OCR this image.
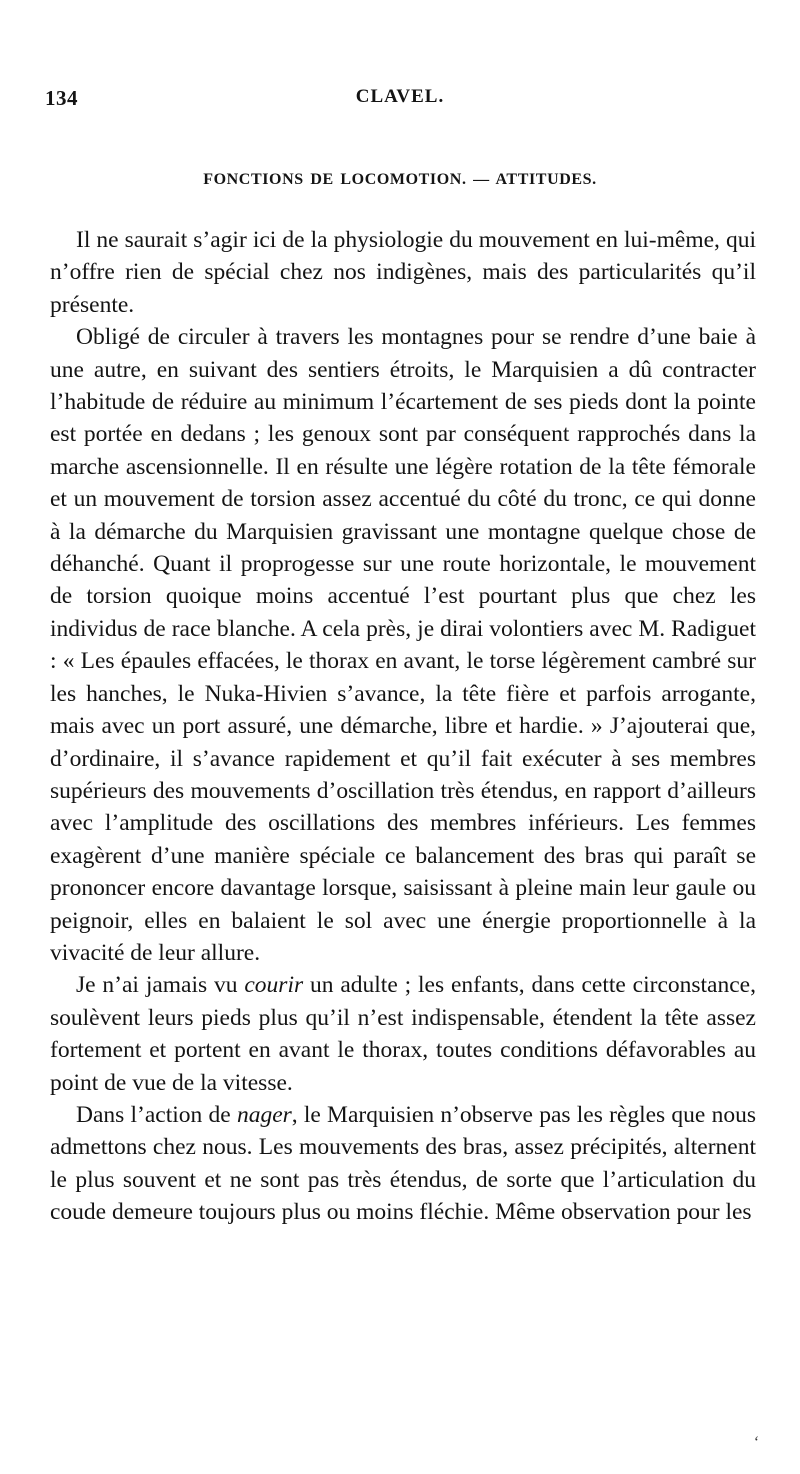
134	CLAVEL.
FONCTIONS DE LOCOMOTION. — ATTITUDES.

Il ne saurait s’agir ici de la physiologie du mouvement en lui-même, qui n’offre rien de spécial chez nos indigènes, mais des particularités qu’il présente.

Obligé de circuler à travers les montagnes pour se rendre d’une baie à une autre, en suivant des sentiers étroits, le Marquisien a dû contracter l’habitude de réduire au minimum l’écartement de ses pieds dont la pointe est portée en dedans ; les genoux sont par conséquent rapprochés dans la marche ascensionnelle. Il en résulte une légère rotation de la tête fémorale et un mouvement de torsion assez accentué du côté du tronc, ce qui donne à la démarche du Marquisien gravissant une montagne quelque chose de déhanché. Quant il proprogesse sur une route horizontale, le mouvement de torsion quoique moins accentué l’est pourtant plus que chez les individus de race blanche. A cela près, je dirai volontiers avec M. Radiguet : « Les épaules effacées, le thorax en avant, le torse légèrement cambré sur les hanches, le Nuka-Hivien s’avance, la tête fière et parfois arrogante, mais avec un port assuré, une démarche, libre et hardie. » J’ajouterai que, d’ordinaire, il s’avance rapidement et qu’il fait exécuter à ses membres supérieurs des mouvements d’oscillation très étendus, en rapport d’ailleurs avec l’amplitude des oscillations des membres inférieurs. Les femmes exagèrent d’une manière spéciale ce balancement des bras qui paraît se prononcer encore davantage lorsque, saisissant à pleine main leur gaule ou peignoir, elles en balaient le sol avec une énergie proportionnelle à la vivacité de leur allure.

Je n’ai jamais vu courir un adulte ; les enfants, dans cette circonstance, soulèvent leurs pieds plus qu’il n’est indispensable, étendent la tête assez fortement et portent en avant le thorax, toutes conditions défavorables au point de vue de la vitesse.

Dans l’action de nager, le Marquisien n’observe pas les règles que nous admettons chez nous. Les mouvements des bras, assez précipités, alternent le plus souvent et ne sont pas très étendus, de sorte que l’articulation du coude demeure toujours plus ou moins fléchie. Même observation pour les

‘
